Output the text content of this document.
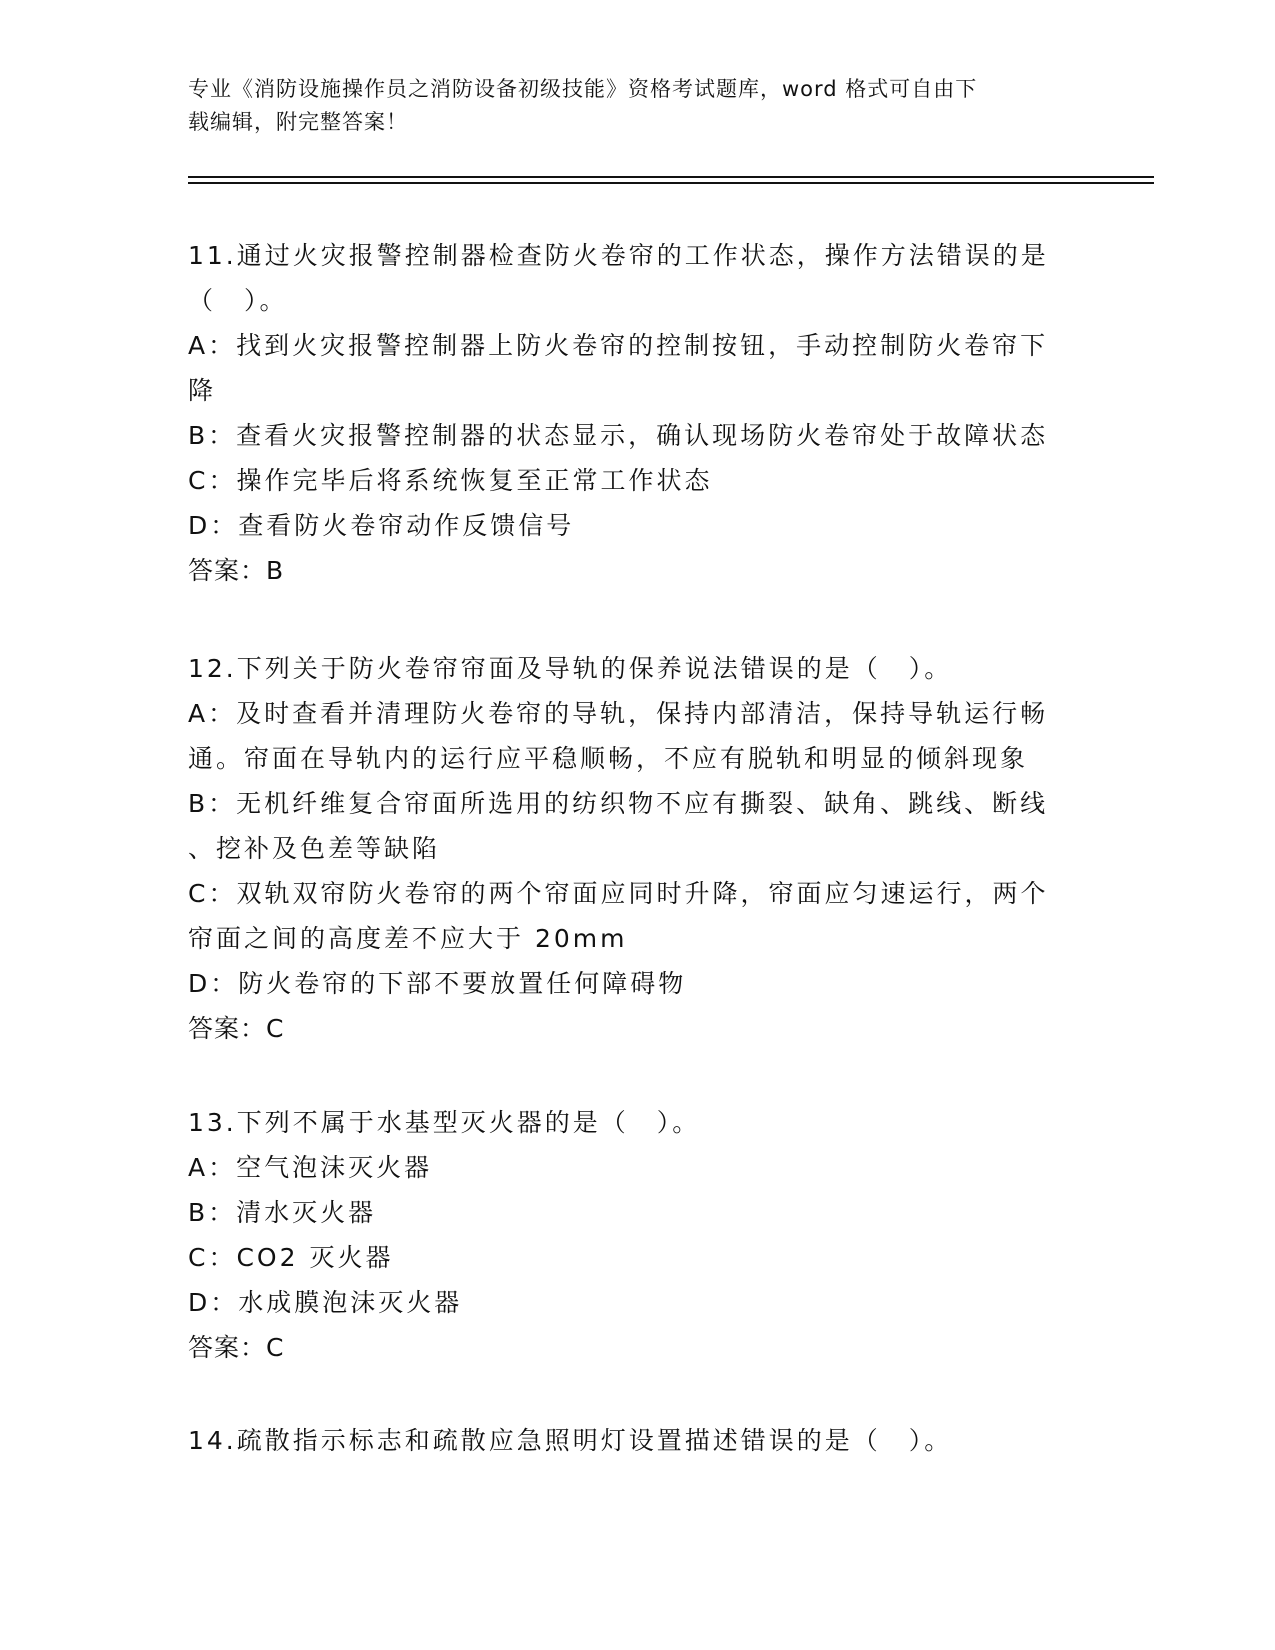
专业《消防设施操作员之消防设备初级技能》资格考试题库，word 格式可自由下
载编辑，附完整答案！
11.通过火灾报警控制器检查防火卷帘的工作状态，操作方法错误的是
（　）。
A：找到火灾报警控制器上防火卷帘的控制按钮，手动控制防火卷帘下
降
B：查看火灾报警控制器的状态显示，确认现场防火卷帘处于故障状态
C：操作完毕后将系统恢复至正常工作状态
D：查看防火卷帘动作反馈信号
答案：B
12.下列关于防火卷帘帘面及导轨的保养说法错误的是（　）。
A：及时查看并清理防火卷帘的导轨，保持内部清洁，保持导轨运行畅
通。帘面在导轨内的运行应平稳顺畅，不应有脱轨和明显的倾斜现象
B：无机纤维复合帘面所选用的纺织物不应有撕裂、缺角、跳线、断线
、挖补及色差等缺陷
C：双轨双帘防火卷帘的两个帘面应同时升降，帘面应匀速运行，两个
帘面之间的高度差不应大于 20mm
D：防火卷帘的下部不要放置任何障碍物
答案：C
13.下列不属于水基型灭火器的是（　）。
A：空气泡沫灭火器
B：清水灭火器
C：CO2 灭火器
D：水成膜泡沫灭火器
答案：C
14.疏散指示标志和疏散应急照明灯设置描述错误的是（　）。
